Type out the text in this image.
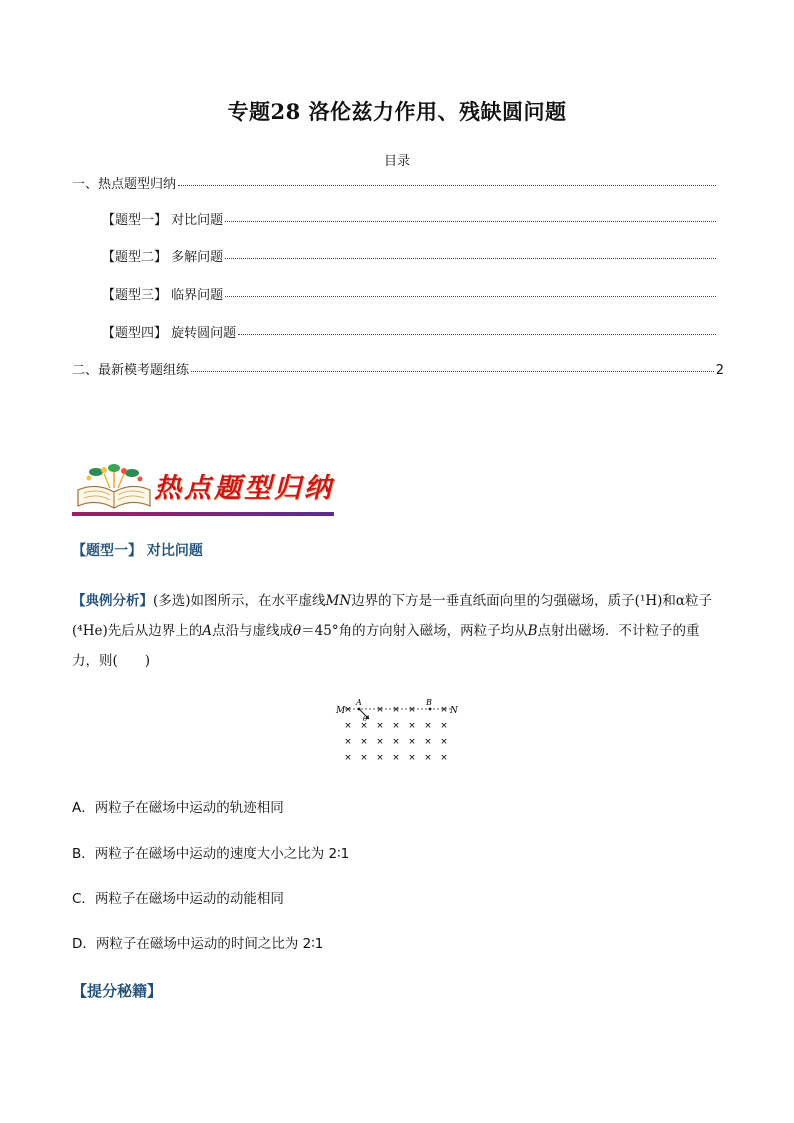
专题28 洛伦兹力作用、残缺圆问题
目录
一、热点题型归纳
【题型一】 对比问题
【题型二】 多解问题
【题型三】 临界问题
【题型四】 旋转圆问题
二、最新模考题组练	2
热点题型归纳
【题型一】 对比问题
【典例分析】(多选)如图所示，在水平虚线MN边界的下方是一垂直纸面向里的匀强磁场，质子(¹H)和α粒子(⁴He)先后从边界上的A点沿与虚线成θ＝45°角的方向射入磁场，两粒子均从B点射出磁场．不计粒子的重力，则(　　)
M	N
A	B
θ
×	× × ×	×
× × × × × × ×
× × × × × × ×
× × × × × × ×
A．两粒子在磁场中运动的轨迹相同
B．两粒子在磁场中运动的速度大小之比为 2∶1
C．两粒子在磁场中运动的动能相同
D．两粒子在磁场中运动的时间之比为 2∶1
【提分秘籍】
